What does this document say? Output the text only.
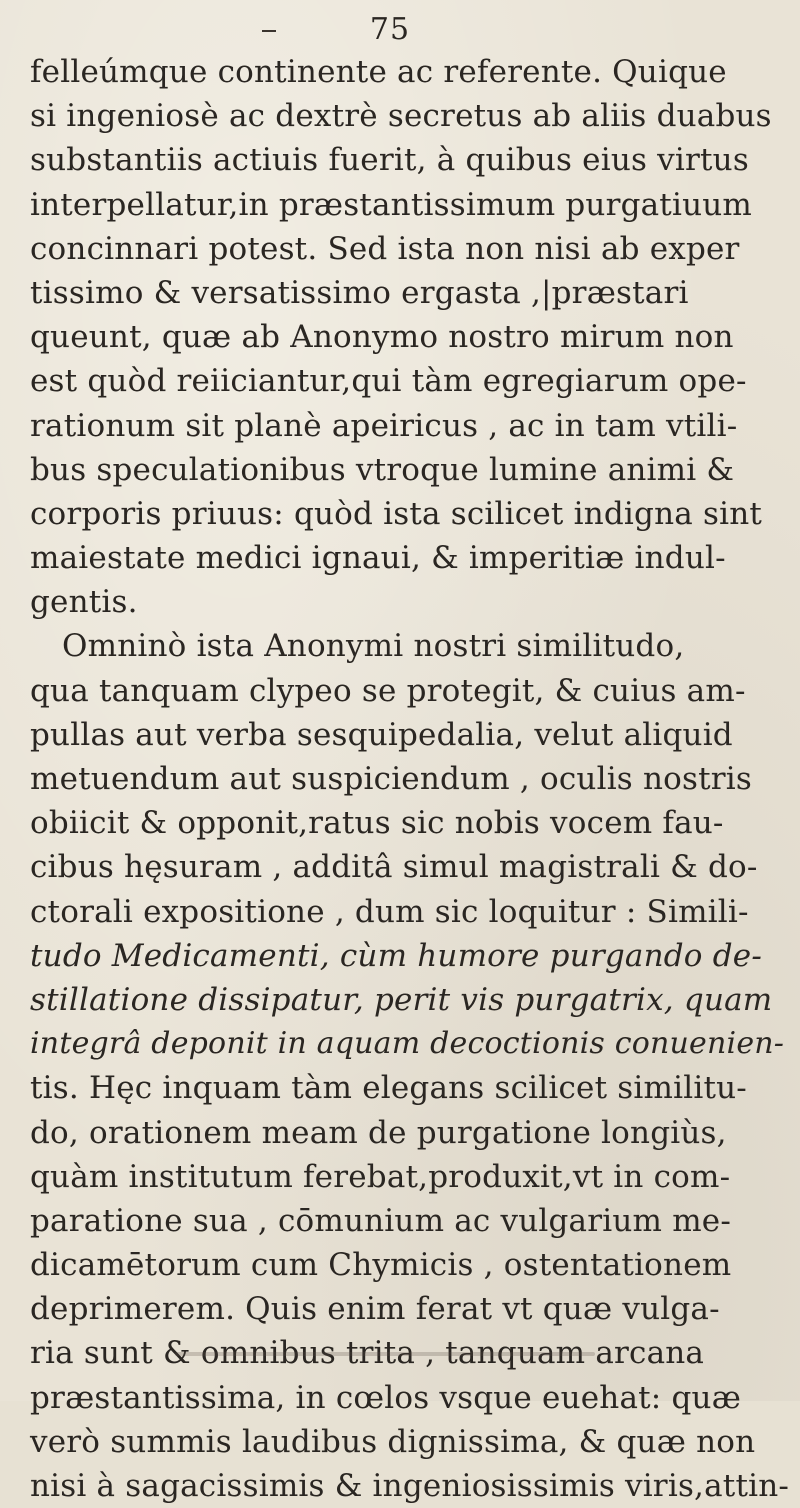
75
felleúmque continente ac referente. Quique
si ingeniosè ac dextrè secretus ab aliis duabus
substantiis actiuis fuerit, à quibus eius virtus
interpellatur,in præstantissimum purgatiuum
concinnari potest. Sed ista non nisi ab exper
tissimo & versatissimo ergasta ,|præstari
queunt, quæ ab Anonymo nostro mirum non
est quòd reiiciantur,qui tàm egregiarum ope-
rationum sit planè apeiricus , ac in tam vtili-
bus speculationibus vtroque lumine animi &
corporis priuus: quòd ista scilicet indigna sint
maiestate medici ignaui, & imperitiæ indul-
gentis.
Omninò ista Anonymi nostri similitudo,
qua tanquam clypeo se protegit, & cuius am-
pullas aut verba sesquipedalia, velut aliquid
metuendum aut suspiciendum , oculis nostris
obiicit & opponit,ratus sic nobis vocem fau-
cibus hęsuram , additâ simul magistrali & do-
ctorali expositione , dum sic loquitur : Simili-
tudo Medicamenti, cùm humore purgando de-
stillatione dissipatur, perit vis purgatrix, quam
integrâ deponit in aquam decoctionis conuenien-
tis. Hęc inquam tàm elegans scilicet similitu-
do, orationem meam de purgatione longiùs,
quàm institutum ferebat,produxit,vt in com-
paratione sua , cōmunium ac vulgarium me-
dicamētorum cum Chymicis , ostentationem
deprimerem. Quis enim ferat vt quæ vulga-
ria sunt & omnibus trita , tanquam arcana
præstantissima, in cœlos vsque euehat: quæ
verò summis laudibus dignissima, & quæ non
nisi à sagacissimis & ingeniosissimis viris,attin-
